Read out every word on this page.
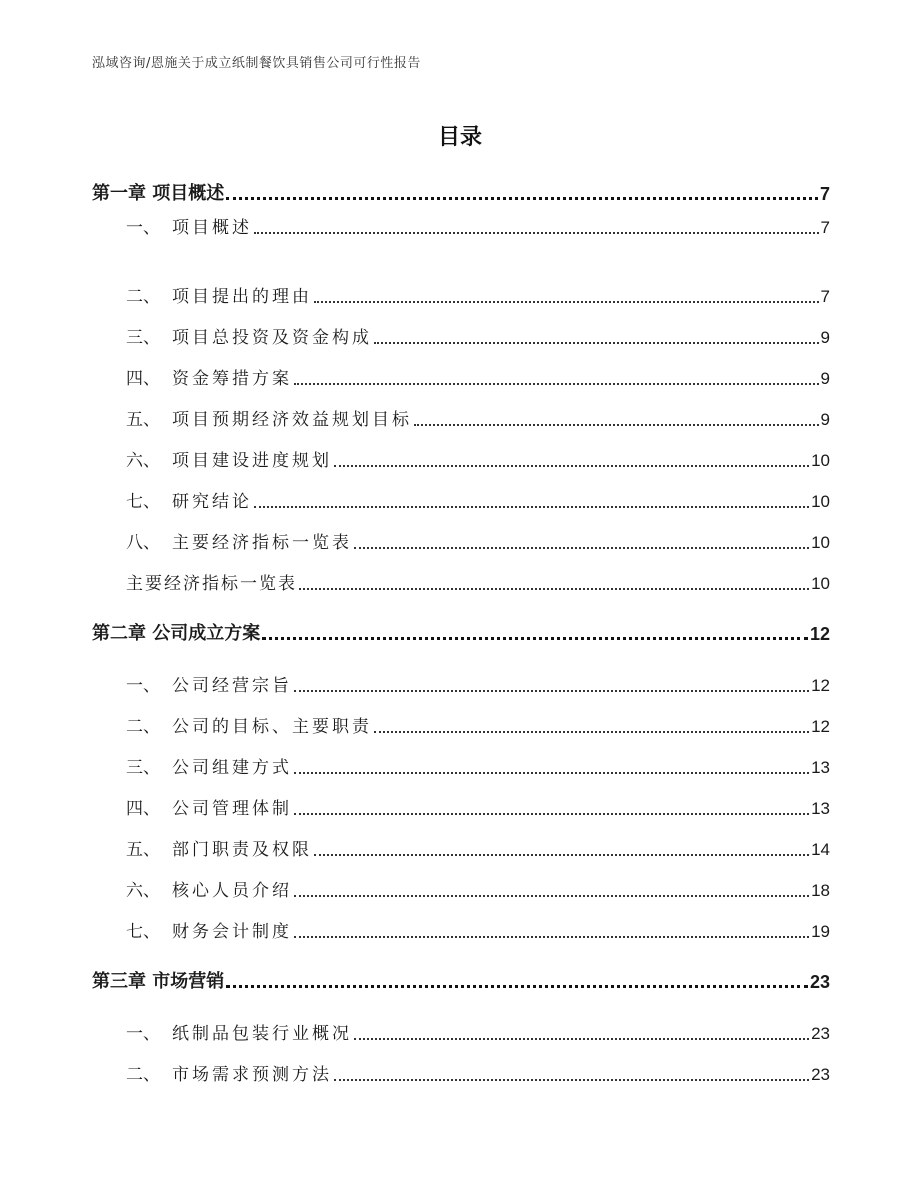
泓域咨询/恩施关于成立纸制餐饮具销售公司可行性报告
目录
第一章 项目概述	7
一、 项目概述	7
二、 项目提出的理由	7
三、 项目总投资及资金构成	9
四、 资金筹措方案	9
五、 项目预期经济效益规划目标	9
六、 项目建设进度规划	10
七、 研究结论	10
八、 主要经济指标一览表	10
主要经济指标一览表	10
第二章 公司成立方案	12
一、 公司经营宗旨	12
二、 公司的目标、主要职责	12
三、 公司组建方式	13
四、 公司管理体制	13
五、 部门职责及权限	14
六、 核心人员介绍	18
七、 财务会计制度	19
第三章 市场营销	23
一、 纸制品包装行业概况	23
二、 市场需求预测方法	23
